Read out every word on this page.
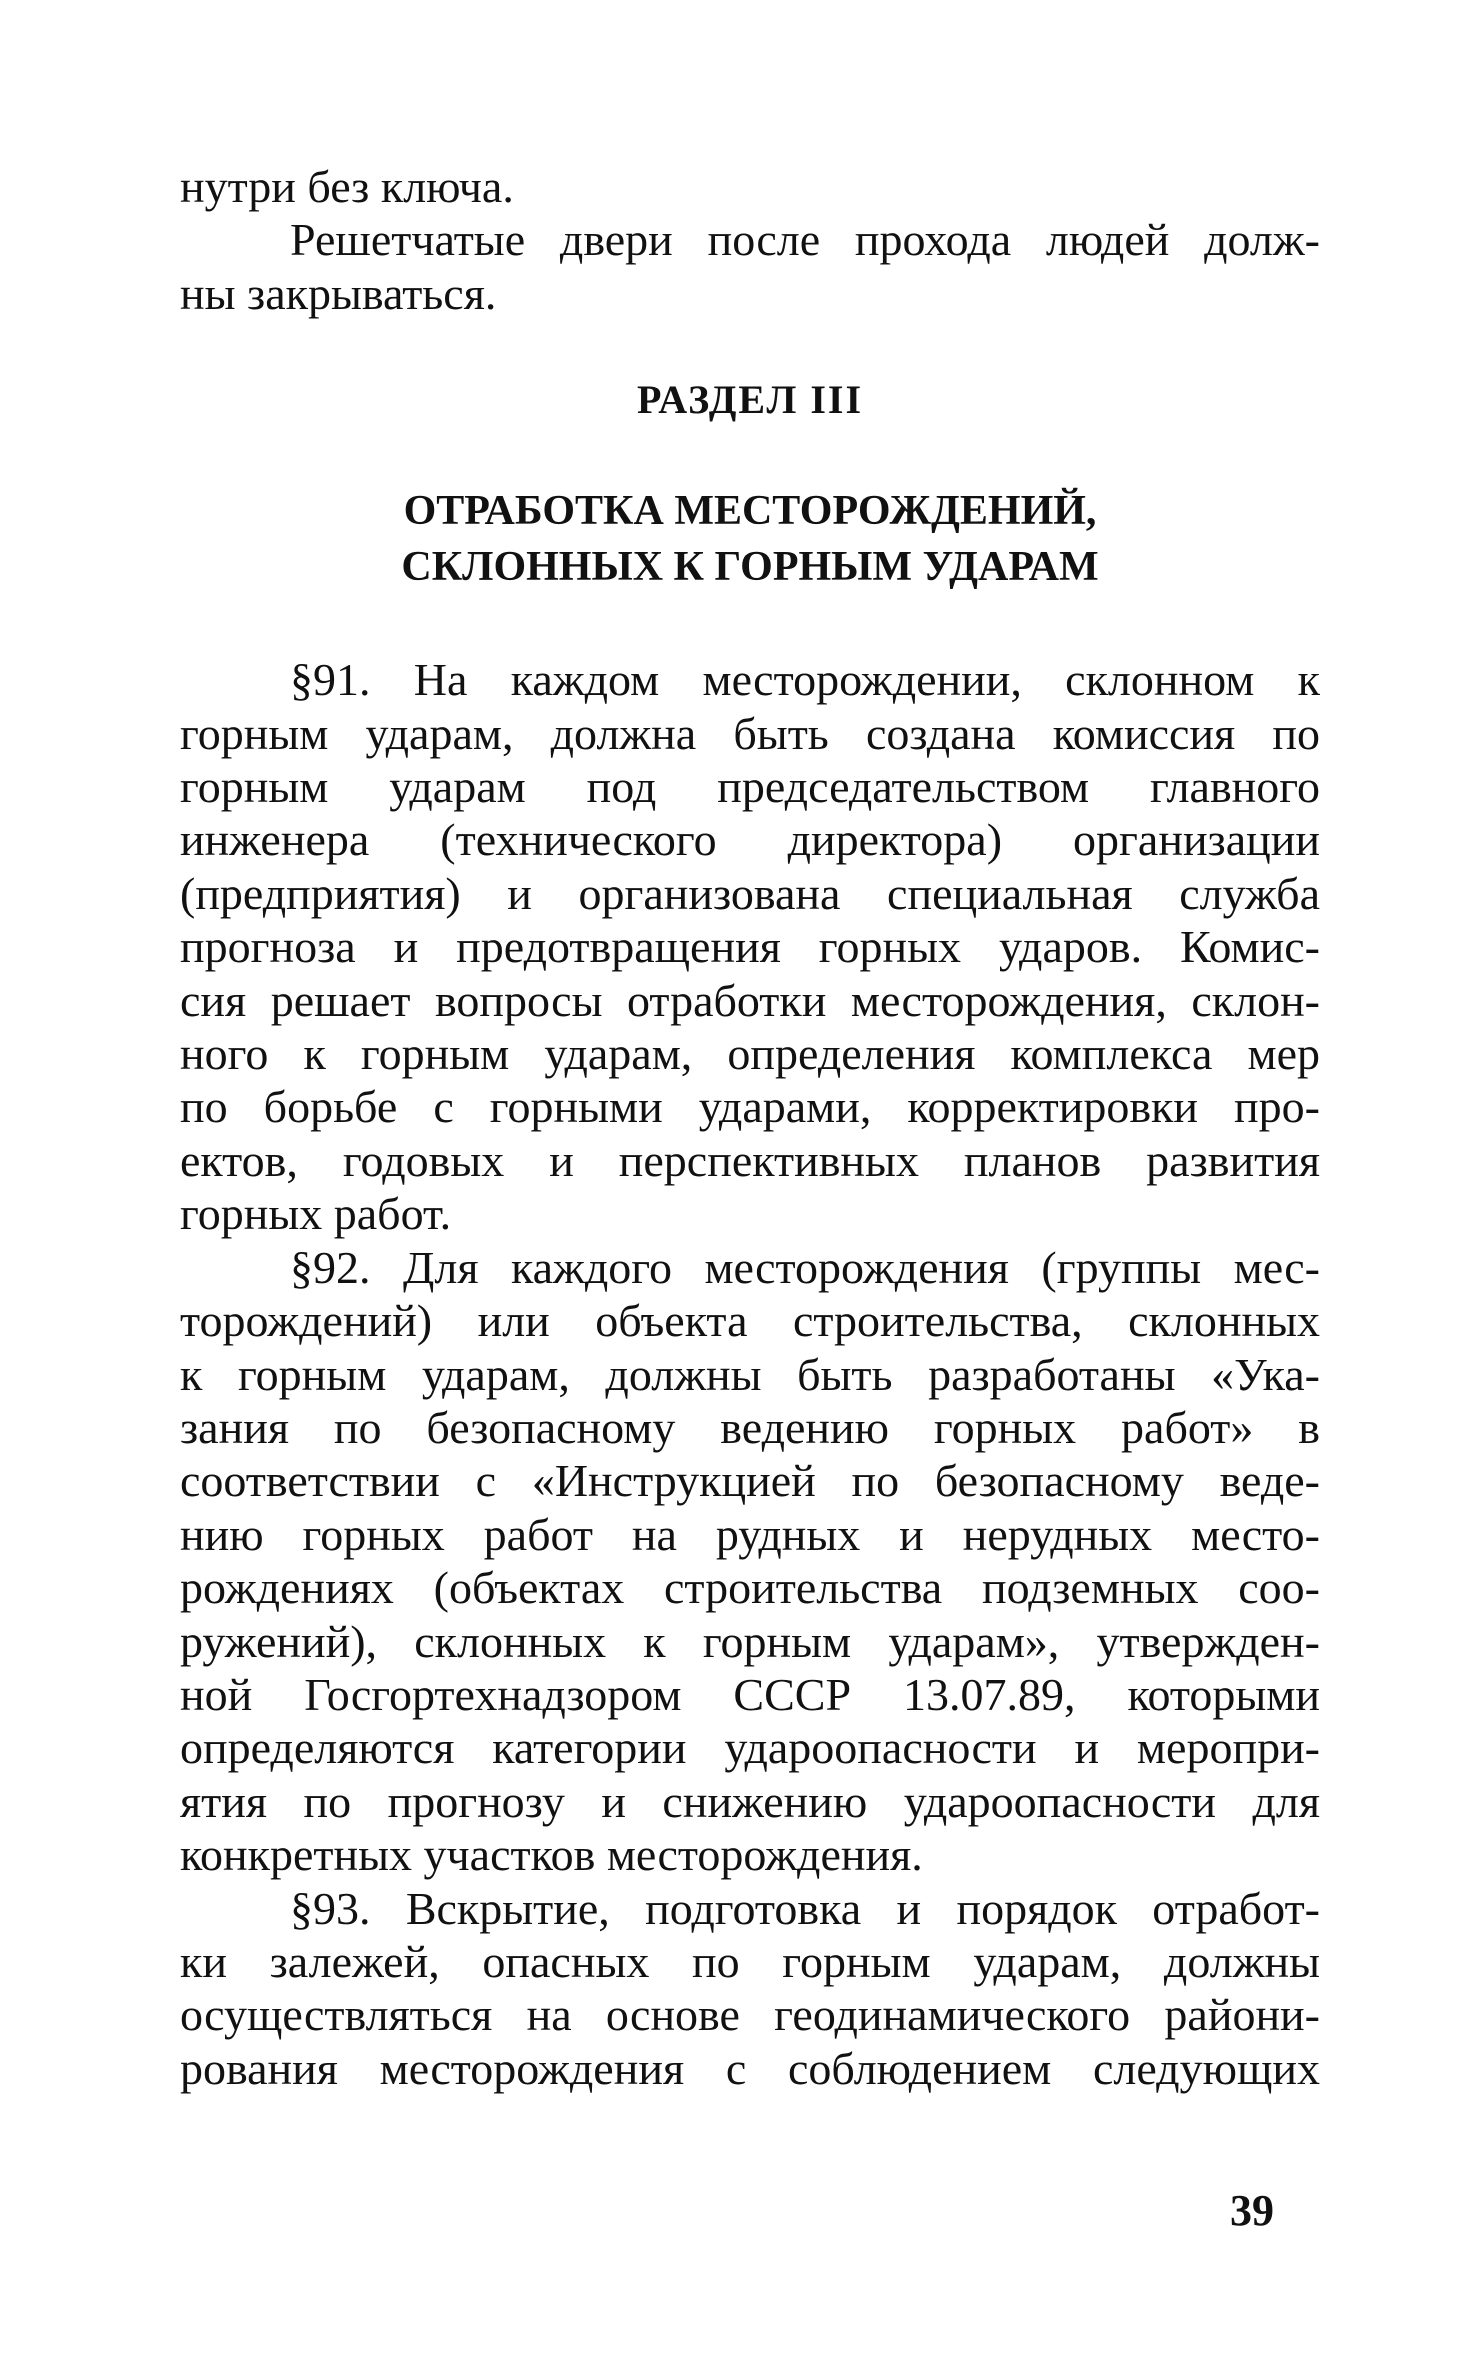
нутри без ключа.
Решетчатые двери после прохода людей долж-
ны закрываться.
РАЗДЕЛ III
ОТРАБОТКА МЕСТОРОЖДЕНИЙ,
СКЛОННЫХ К ГОРНЫМ УДАРАМ
§91. На каждом месторождении, склонном к
горным ударам, должна быть создана комиссия по
горным ударам под председательством главного
инженера (технического директора) организации
(предприятия) и организована специальная служба
прогноза и предотвращения горных ударов. Комис-
сия решает вопросы отработки месторождения, склон-
ного к горным ударам, определения комплекса мер
по борьбе с горными ударами, корректировки про-
ектов, годовых и перспективных планов развития
горных работ.
§92. Для каждого месторождения (группы мес-
торождений) или объекта строительства, склонных
к горным ударам, должны быть разработаны «Ука-
зания по безопасному ведению горных работ» в
соответствии с «Инструкцией по безопасному веде-
нию горных работ на рудных и нерудных место-
рождениях (объектах строительства подземных соо-
ружений), склонных к горным ударам», утвержден-
ной Госгортехнадзором СССР 13.07.89, которыми
определяются категории удароопасности и меропри-
ятия по прогнозу и снижению удароопасности для
конкретных участков месторождения.
§93. Вскрытие, подготовка и порядок отработ-
ки залежей, опасных по горным ударам, должны
осуществляться на основе геодинамического райони-
рования месторождения с соблюдением следующих
39
